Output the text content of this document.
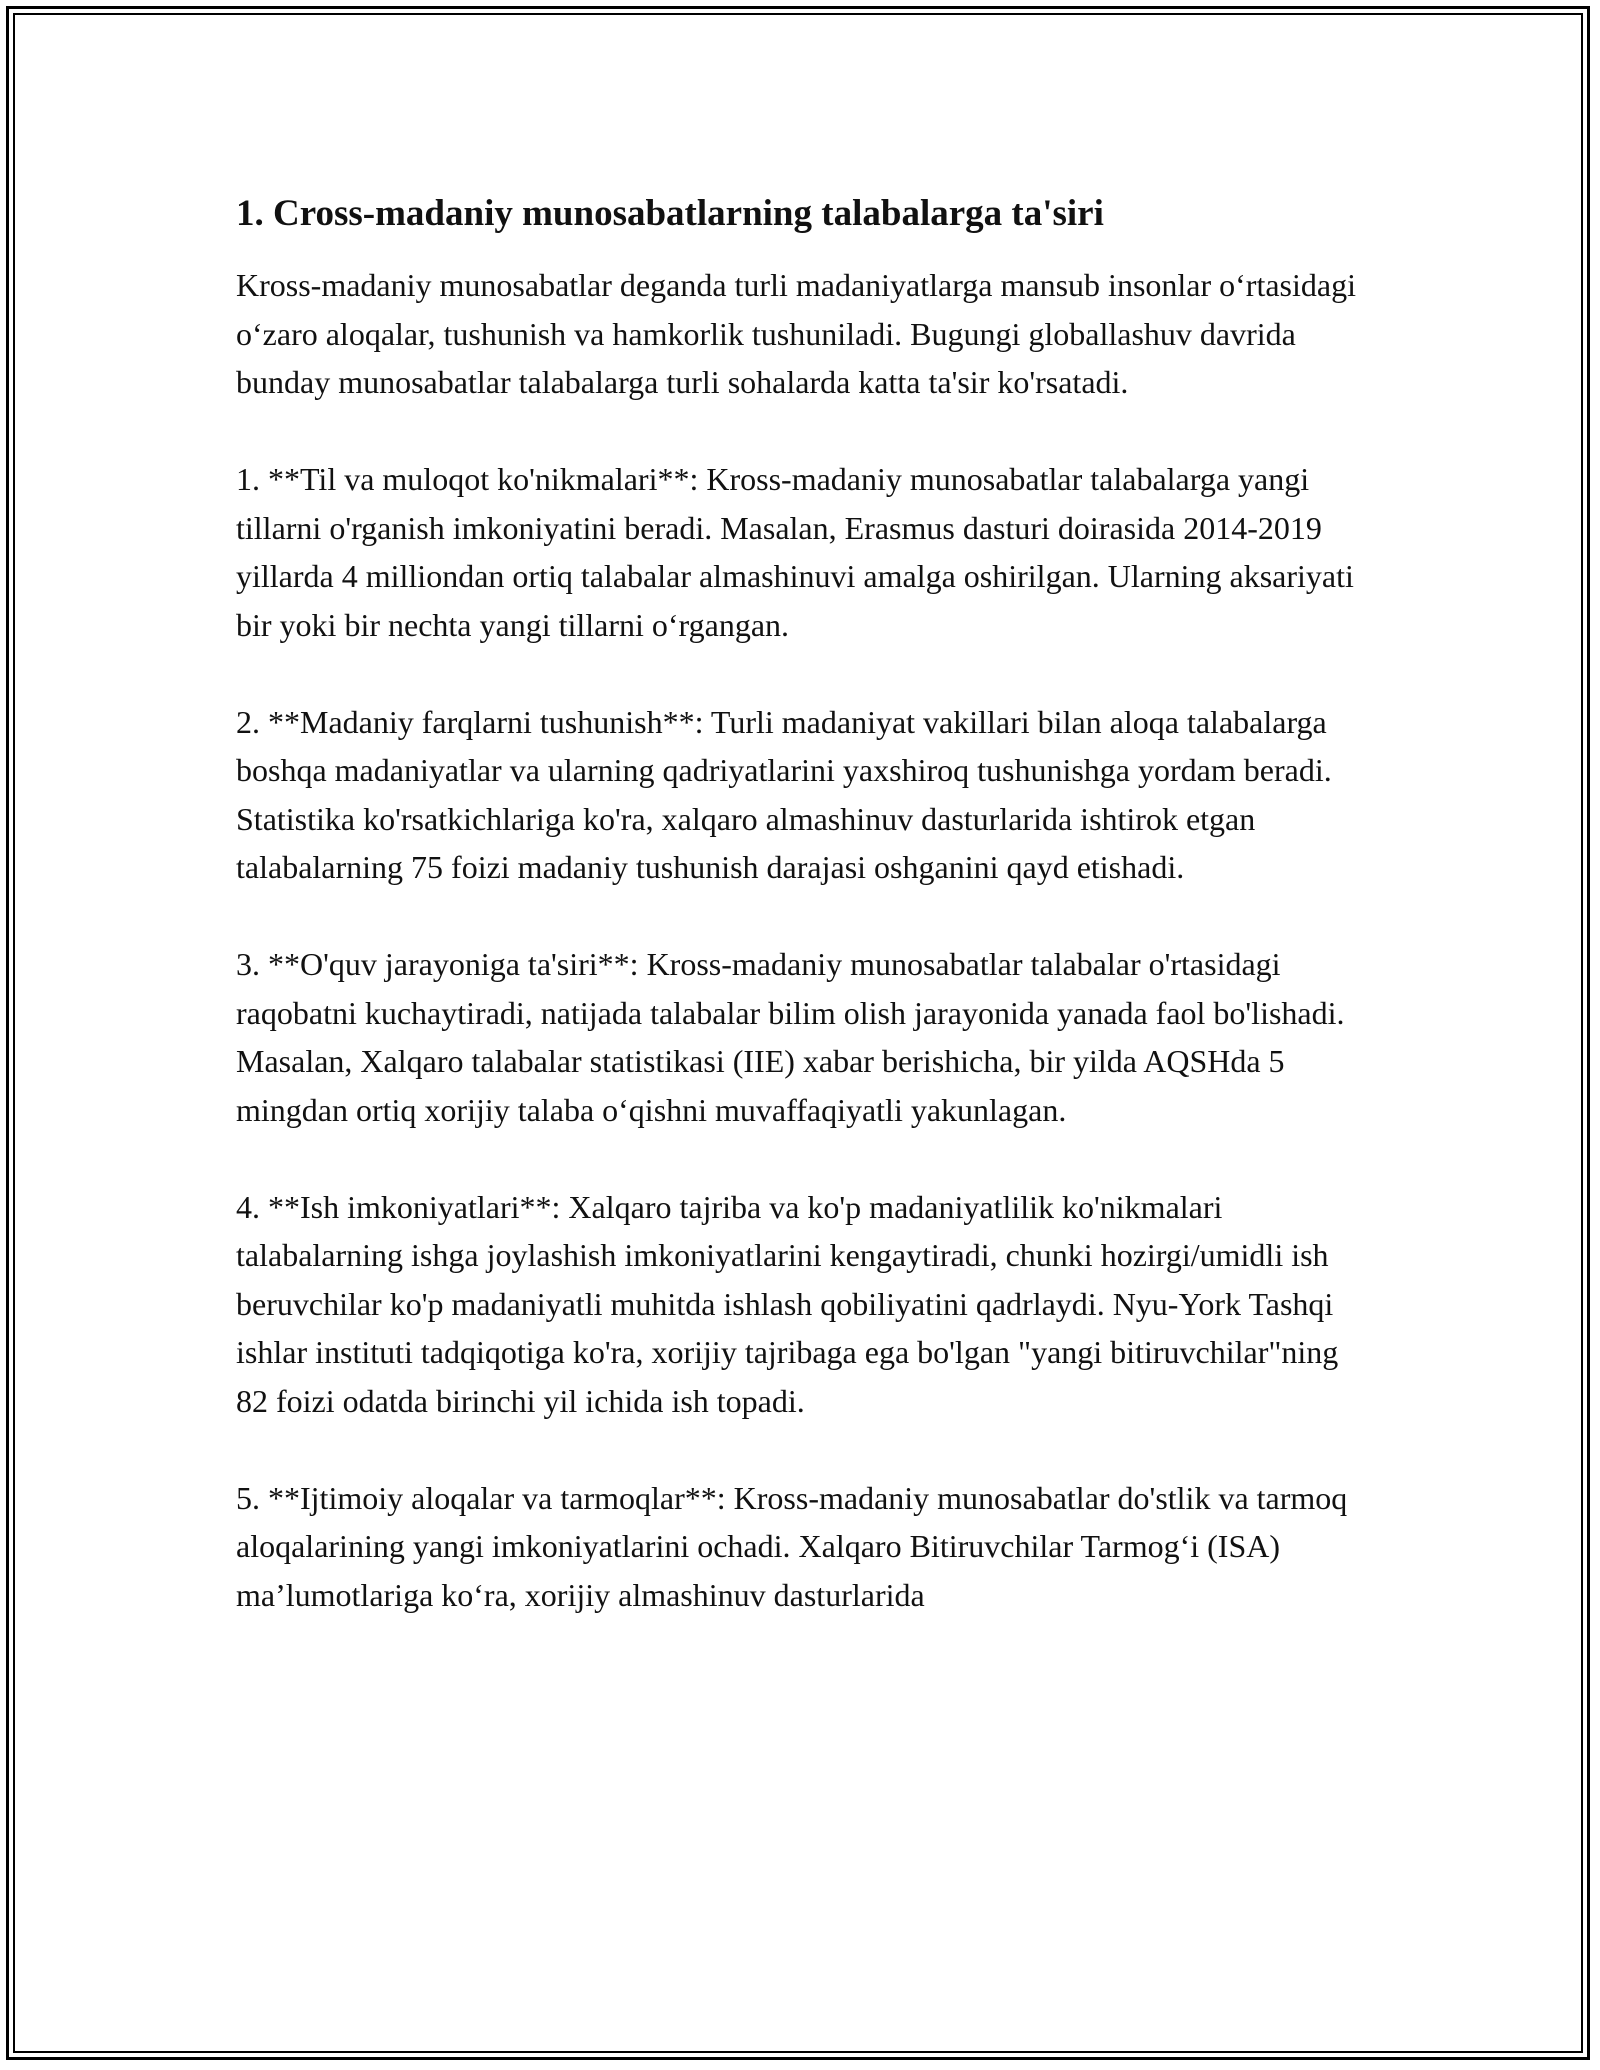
1. Cross-madaniy munosabatlarning talabalarga ta'siri

Kross-madaniy munosabatlar deganda turli madaniyatlarga mansub insonlar o‘rtasidagi o‘zaro aloqalar, tushunish va hamkorlik tushuniladi. Bugungi globallashuv davrida bunday munosabatlar talabalarga turli sohalarda katta ta'sir ko'rsatadi.

1. **Til va muloqot ko'nikmalari**: Kross-madaniy munosabatlar talabalarga yangi tillarni o'rganish imkoniyatini beradi. Masalan, Erasmus dasturi doirasida 2014-2019 yillarda 4 milliondan ortiq talabalar almashinuvi amalga oshirilgan. Ularning aksariyati bir yoki bir nechta yangi tillarni o‘rgangan.

2. **Madaniy farqlarni tushunish**: Turli madaniyat vakillari bilan aloqa talabalarga boshqa madaniyatlar va ularning qadriyatlarini yaxshiroq tushunishga yordam beradi. Statistika ko'rsatkichlariga ko'ra, xalqaro almashinuv dasturlarida ishtirok etgan talabalarning 75 foizi madaniy tushunish darajasi oshganini qayd etishadi.

3. **O'quv jarayoniga ta'siri**: Kross-madaniy munosabatlar talabalar o'rtasidagi raqobatni kuchaytiradi, natijada talabalar bilim olish jarayonida yanada faol bo'lishadi. Masalan, Xalqaro talabalar statistikasi (IIE) xabar berishicha, bir yilda AQSHda 5 mingdan ortiq xorijiy talaba o‘qishni muvaffaqiyatli yakunlagan.

4. **Ish imkoniyatlari**: Xalqaro tajriba va ko'p madaniyatlilik ko'nikmalari talabalarning ishga joylashish imkoniyatlarini kengaytiradi, chunki hozirgi/umidli ish beruvchilar ko'p madaniyatli muhitda ishlash qobiliyatini qadrlaydi. Nyu-York Tashqi ishlar instituti tadqiqotiga ko'ra, xorijiy tajribaga ega bo'lgan "yangi bitiruvchilar"ning 82 foizi odatda birinchi yil ichida ish topadi.

5. **Ijtimoiy aloqalar va tarmoqlar**: Kross-madaniy munosabatlar do'stlik va tarmoq aloqalarining yangi imkoniyatlarini ochadi. Xalqaro Bitiruvchilar Tarmog‘i (ISA) ma’lumotlariga ko‘ra, xorijiy almashinuv dasturlarida
